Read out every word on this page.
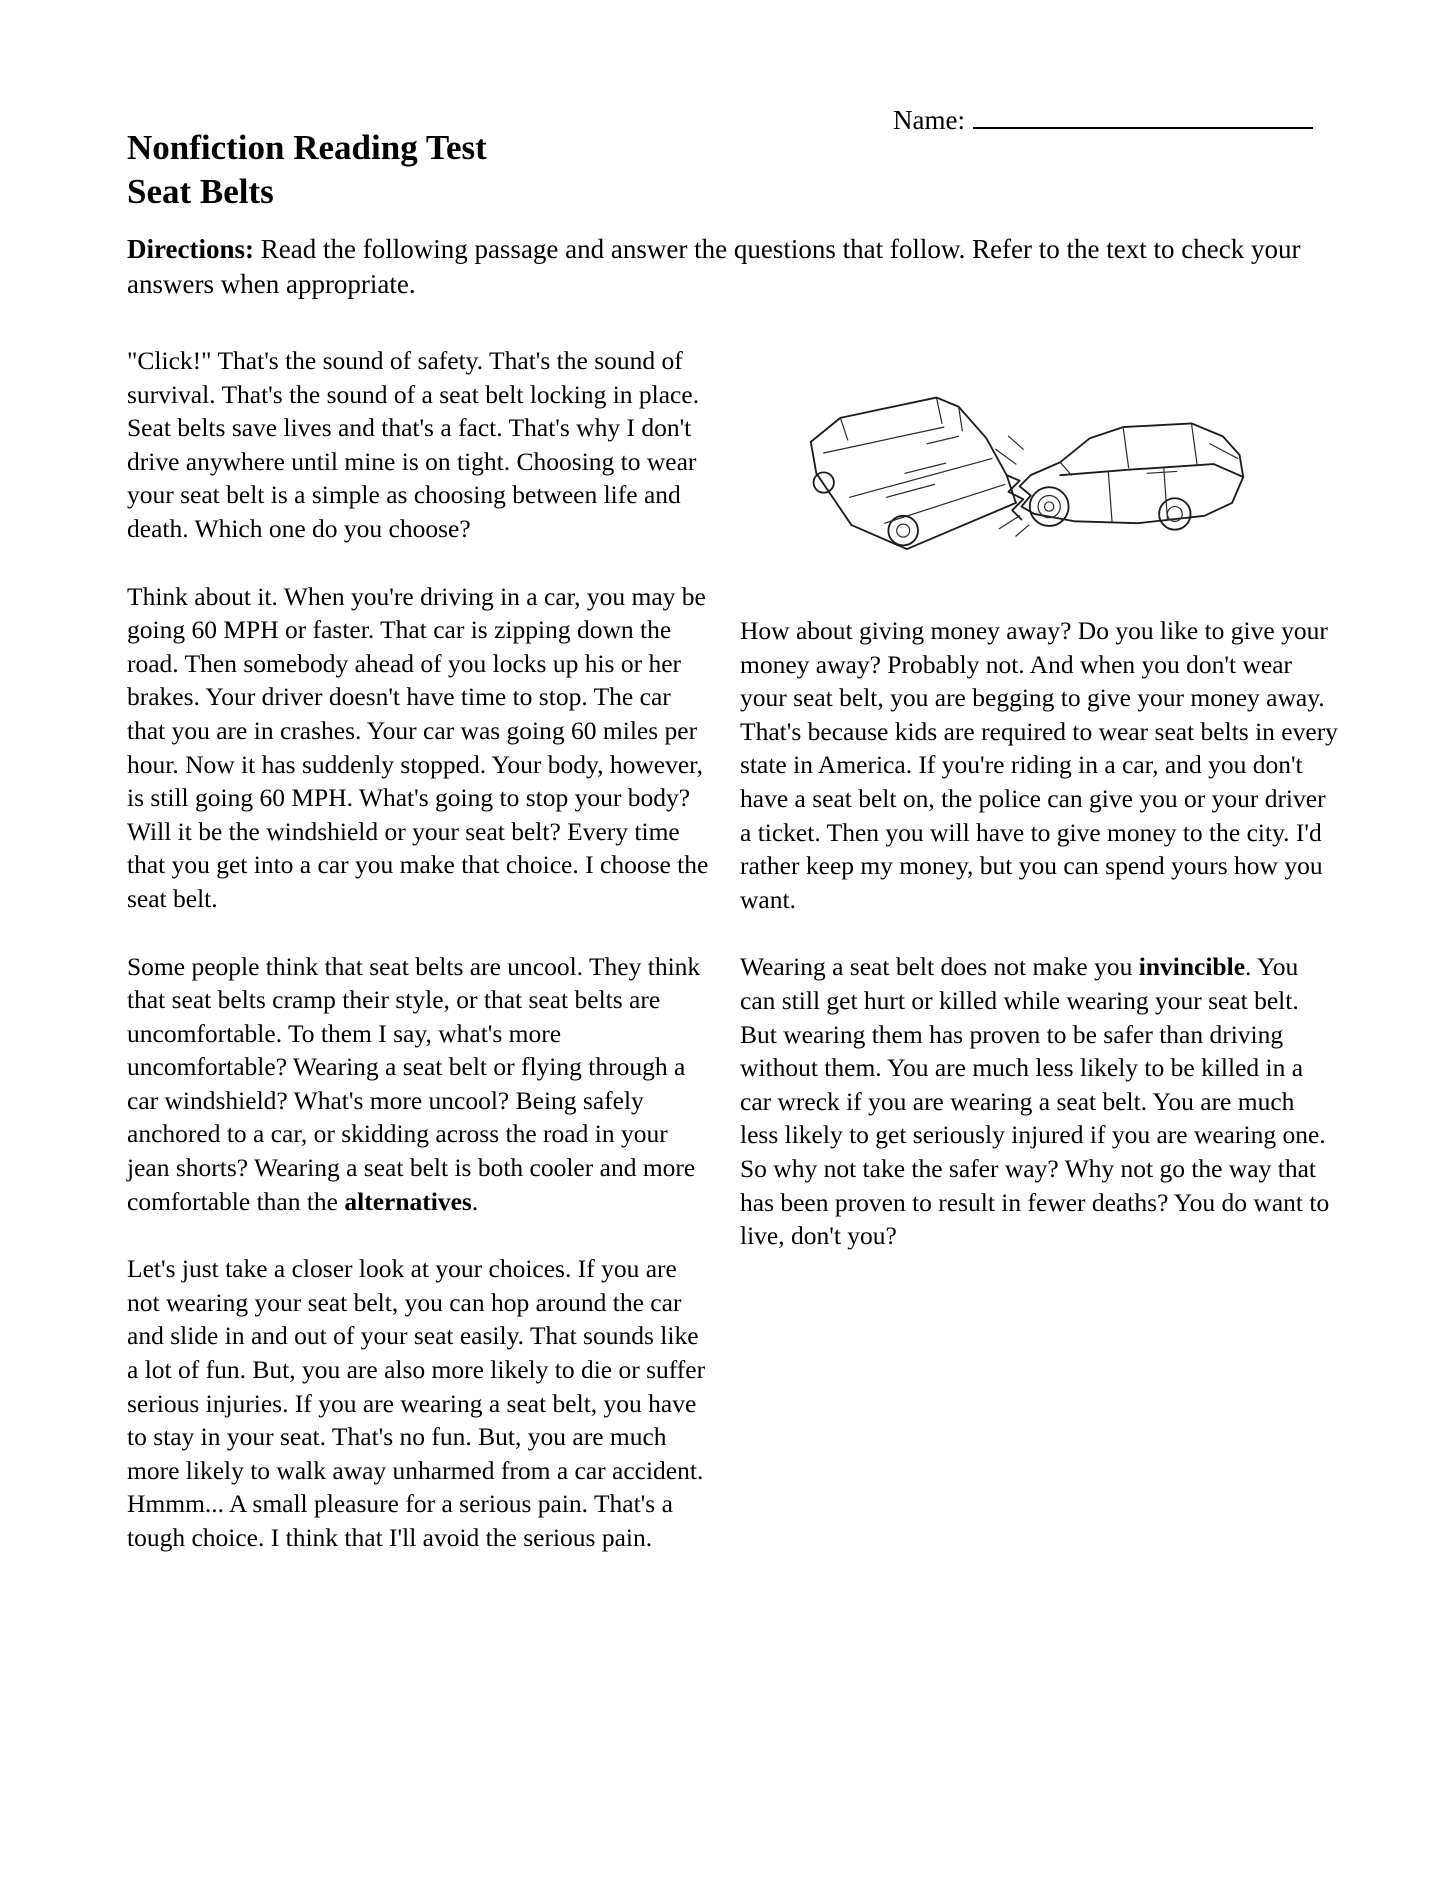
Name:
Nonfiction Reading Test
Seat Belts
Directions: Read the following passage and answer the questions that follow. Refer to the text to check your answers when appropriate.

"Click!" That's the sound of safety. That's the sound of survival. That's the sound of a seat belt locking in place. Seat belts save lives and that's a fact. That's why I don't drive anywhere until mine is on tight. Choosing to wear your seat belt is a simple as choosing between life and death. Which one do you choose?

Think about it. When you're driving in a car, you may be going 60 MPH or faster. That car is zipping down the road. Then somebody ahead of you locks up his or her brakes. Your driver doesn't have time to stop. The car that you are in crashes. Your car was going 60 miles per hour. Now it has suddenly stopped. Your body, however, is still going 60 MPH. What's going to stop your body? Will it be the windshield or your seat belt? Every time that you get into a car you make that choice. I choose the seat belt.

Some people think that seat belts are uncool. They think that seat belts cramp their style, or that seat belts are uncomfortable. To them I say, what's more uncomfortable? Wearing a seat belt or flying through a car windshield? What's more uncool? Being safely anchored to a car, or skidding across the road in your jean shorts? Wearing a seat belt is both cooler and more comfortable than the alternatives.

Let's just take a closer look at your choices. If you are not wearing your seat belt, you can hop around the car and slide in and out of your seat easily. That sounds like a lot of fun. But, you are also more likely to die or suffer serious injuries. If you are wearing a seat belt, you have to stay in your seat. That's no fun. But, you are much more likely to walk away unharmed from a car accident. Hmmm... A small pleasure for a serious pain. That's a tough choice. I think that I'll avoid the serious pain.

How about giving money away? Do you like to give your money away? Probably not. And when you don't wear your seat belt, you are begging to give your money away. That's because kids are required to wear seat belts in every state in America. If you're riding in a car, and you don't have a seat belt on, the police can give you or your driver a ticket. Then you will have to give money to the city. I'd rather keep my money, but you can spend yours how you want.

Wearing a seat belt does not make you invincible. You can still get hurt or killed while wearing your seat belt. But wearing them has proven to be safer than driving without them. You are much less likely to be killed in a car wreck if you are wearing a seat belt. You are much less likely to get seriously injured if you are wearing one. So why not take the safer way? Why not go the way that has been proven to result in fewer deaths? You do want to live, don't you?
